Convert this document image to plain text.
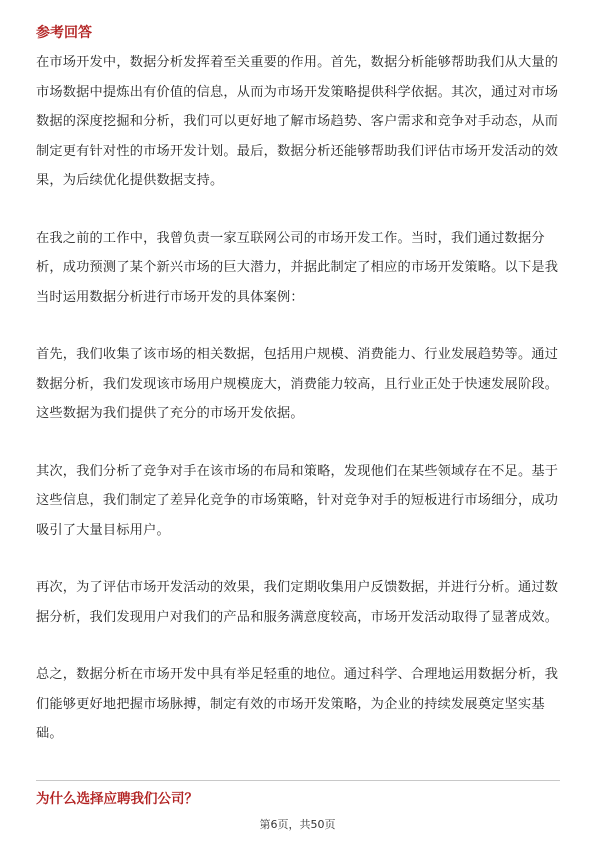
参考回答

在市场开发中，数据分析发挥着至关重要的作用。首先，数据分析能够帮助我们从大量的市场数据中提炼出有价值的信息，从而为市场开发策略提供科学依据。其次，通过对市场数据的深度挖掘和分析，我们可以更好地了解市场趋势、客户需求和竞争对手动态，从而制定更有针对性的市场开发计划。最后，数据分析还能够帮助我们评估市场开发活动的效果，为后续优化提供数据支持。

在我之前的工作中，我曾负责一家互联网公司的市场开发工作。当时，我们通过数据分析，成功预测了某个新兴市场的巨大潜力，并据此制定了相应的市场开发策略。以下是我当时运用数据分析进行市场开发的具体案例：

首先，我们收集了该市场的相关数据，包括用户规模、消费能力、行业发展趋势等。通过数据分析，我们发现该市场用户规模庞大，消费能力较高，且行业正处于快速发展阶段。这些数据为我们提供了充分的市场开发依据。

其次，我们分析了竞争对手在该市场的布局和策略，发现他们在某些领域存在不足。基于这些信息，我们制定了差异化竞争的市场策略，针对竞争对手的短板进行市场细分，成功吸引了大量目标用户。

再次，为了评估市场开发活动的效果，我们定期收集用户反馈数据，并进行分析。通过数据分析，我们发现用户对我们的产品和服务满意度较高，市场开发活动取得了显著成效。

总之，数据分析在市场开发中具有举足轻重的地位。通过科学、合理地运用数据分析，我们能够更好地把握市场脉搏，制定有效的市场开发策略，为企业的持续发展奠定坚实基础。

为什么选择应聘我们公司？
第6页，共50页
